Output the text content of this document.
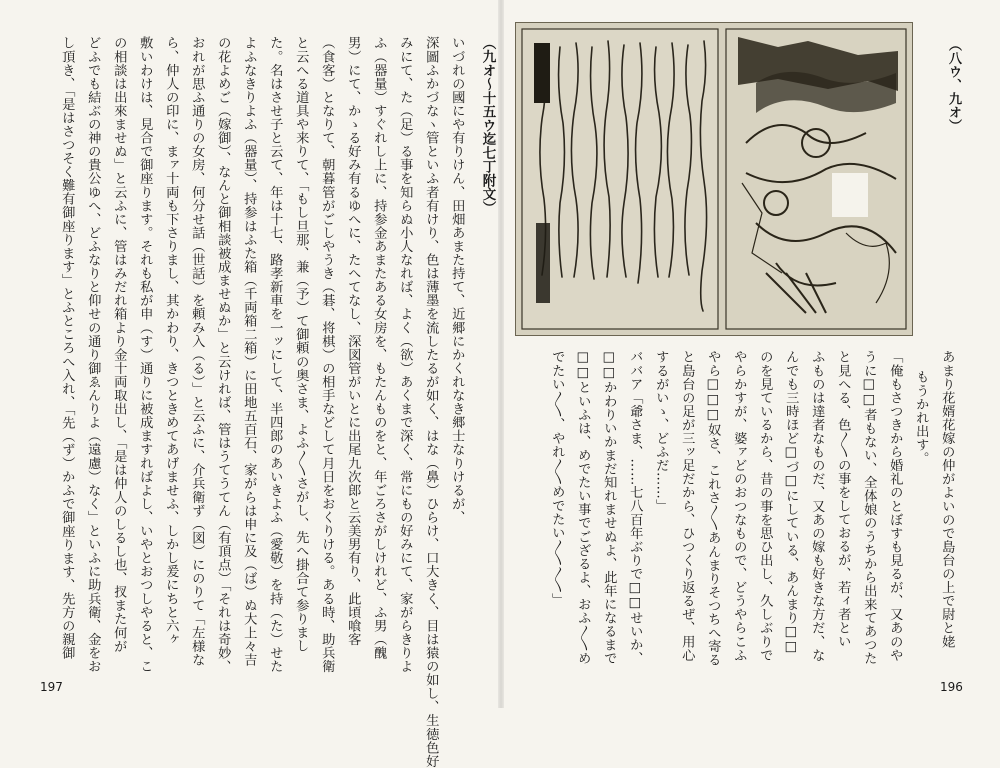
（九オ〜十五ウ迄七丁附文）
いづれの國にや有りけん、田畑あまた持て、近郷にかくれなき郷士なりけるが、
深圖ふかづなヽ管といふ者有けり、色は薄墨を流したるが如く、はな（鼻）ひらけ、口大きく、目は猿の如し、生徳色好
みにて、た（足）る事を知らぬ小人なれば、よく（欲）あくまで深く、常にもの好みにて、家がらきりよ
ふ（器量）すぐれし上に、持参金あまたある女房を、もたんものをと、年ごろさがしけれど、ふ男（醜
男）にて、かゝる好み有るゆへに、たへてなし、深図管がいとに出尾九次郎と云美男有り、此頃喰客
（食客）となりて、朝暮管がごしやうき（碁、将棋）の相手などして月日をおくりける。ある時、助兵衛
と云へる道具や来りて、「もし旦那、兼（予）て御頼の奥さま、よふ〳〵さがし、先へ掛合て参りまし
た。名はさせ子と云て、年は十七、路孝新車を一ッにして、半四郎のあいきよふ（愛敬）を持（た）せた
よふなきりよふ（器量）、持参はふた箱（千両箱二箱）に田地五百石、家がらは申に及（ば）ぬ大上々吉
の花よめご（嫁御）、なんと御相談被成ませぬか」と云ければ、管はうてうてん（有頂点）「それは奇妙、
おれが思ふ通りの女房、何分せ話（世話）を頼み入（る）」と云ふに、介兵衛ず（図）にのりて「左様な
ら、仲人の印に、まァ十両も下さりまし、其かわり、きつときめてあげませふ、しかし爰にちと六ヶ
敷いわけは、見合で御座ります。それも私が申（す）通りに被成ますればよし、いやとおつしやると、こ
の相談は出來ませぬ」と云ふに、管はみだれ箱より金十両取出し、「是は仲人のしるし也、扠また何が
どふでも結ぶの神の貴公ゆへ、どふなりと仰せの通り御ゑんりよ（遠慮）なく」といふに助兵衛、金をお
し頂き、「是はさつそく難有御座ります」とふところへ入れ、「先（ず）かふで御座ります、先方の親御
197
（八ウ、九オ）
あまり花婿花嫁の仲がよいので島台の上で尉と姥
もうかれ出す。
「俺もさつきから婚礼のとぼすも見るが、又あのや
うに□□者もない、全体娘のうちから出来てあつた
と見へる、色〳〵の事をしておるが、若ィ者とい
ふものは達者なものだ、又あの嫁も好きな方だ、な
んでも三時ほど□づ□にしている、あんまり□□
のを見ているから、昔の事を思ひ出し、久しぶりで
やらかすが、婆ァどのおつなもので、どうやらこふ
やら□□□奴さ、これさ〳〵あんまりそつちへ寄る
と島台の足が三ッ足だから、ひつくり返るぜ、用心
するがいゝ、どふだ……」
ババア「爺さま、……七八百年ぶりで□□せいか、
□□かわりいかまだ知れませぬよ、此年になるまで
□□といふは、めでたい事でござるよ、おふ〳〵め
でたい〳〵、やれ〳〵めでたい〳〵〳〵」
196
